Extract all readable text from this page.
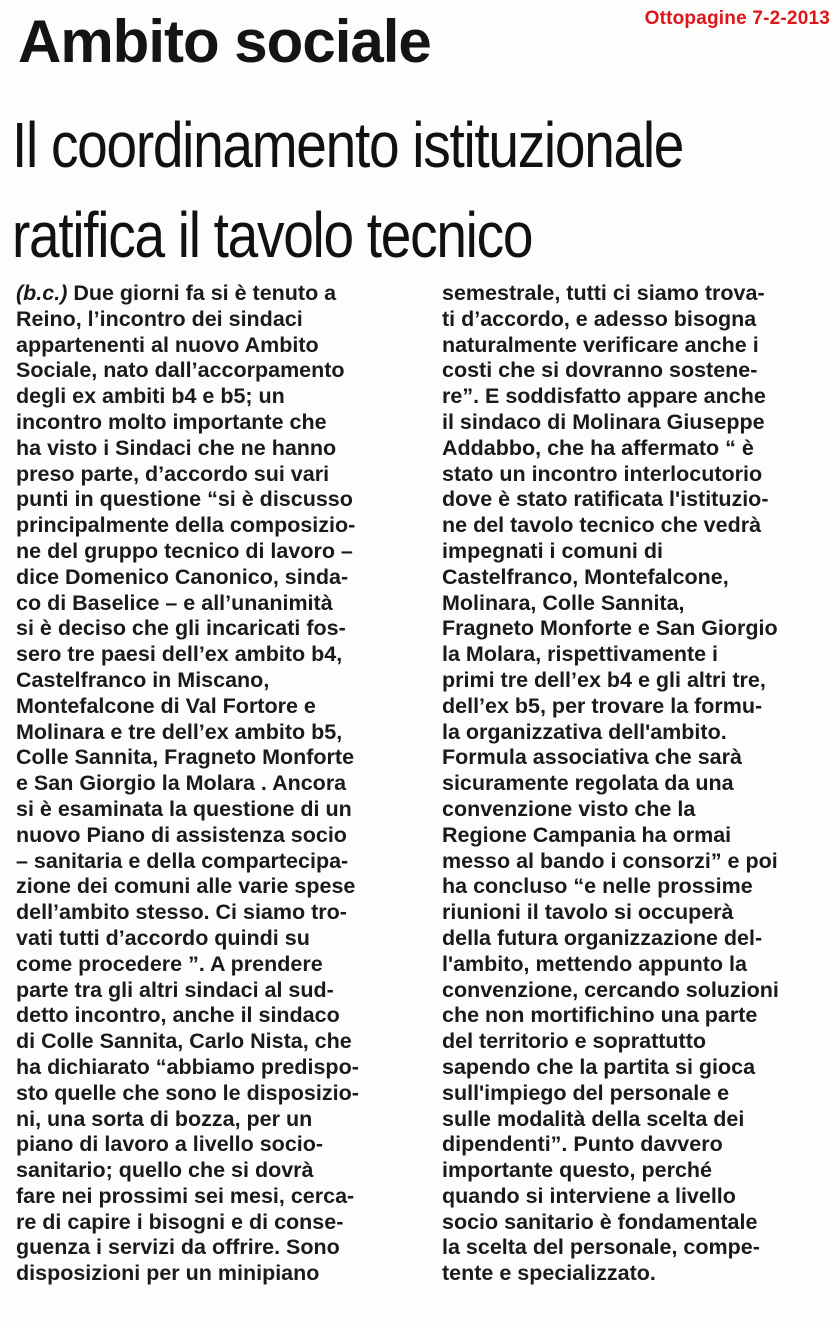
Ottopagine 7-2-2013
Ambito sociale
Il coordinamento istituzionale
ratifica il tavolo tecnico
(b.c.) Due giorni fa si è tenuto a
Reino, l’incontro dei sindaci
appartenenti al nuovo Ambito
Sociale, nato dall’accorpamento
degli ex ambiti b4 e b5; un
incontro molto importante che
ha visto i Sindaci che ne hanno
preso parte, d’accordo sui vari
punti in questione “si è discusso
principalmente della composizio-
ne del gruppo tecnico di lavoro –
dice Domenico Canonico, sinda-
co di Baselice – e all’unanimità
si è deciso che gli incaricati fos-
sero tre paesi dell’ex ambito b4,
Castelfranco in Miscano,
Montefalcone di Val Fortore e
Molinara e tre dell’ex ambito b5,
Colle Sannita, Fragneto Monforte
e San Giorgio la Molara . Ancora
si è esaminata la questione di un
nuovo Piano di assistenza socio
– sanitaria e della compartecipa-
zione dei comuni alle varie spese
dell’ambito stesso. Ci siamo tro-
vati tutti d’accordo quindi su
come procedere ”. A prendere
parte tra gli altri sindaci al sud-
detto incontro, anche il sindaco
di Colle Sannita, Carlo Nista, che
ha dichiarato “abbiamo predispo-
sto quelle che sono le disposizio-
ni, una sorta di bozza, per un
piano di lavoro a livello socio-
sanitario; quello che si dovrà
fare nei prossimi sei mesi, cerca-
re di capire i bisogni e di conse-
guenza i servizi da offrire. Sono
disposizioni per un minipiano
semestrale, tutti ci siamo trova-
ti d’accordo, e adesso bisogna
naturalmente verificare anche i
costi che si dovranno sostene-
re”. E soddisfatto appare anche
il sindaco di Molinara Giuseppe
Addabbo, che ha affermato “ è
stato un incontro interlocutorio
dove è stato ratificata l'istituzio-
ne del tavolo tecnico che vedrà
impegnati i comuni di
Castelfranco, Montefalcone,
Molinara, Colle Sannita,
Fragneto Monforte e San Giorgio
la Molara, rispettivamente i
primi tre dell’ex b4 e gli altri tre,
dell’ex b5, per trovare la formu-
la organizzativa dell'ambito.
Formula associativa che sarà
sicuramente regolata da una
convenzione visto che la
Regione Campania ha ormai
messo al bando i consorzi” e poi
ha concluso “e nelle prossime
riunioni il tavolo si occuperà
della futura organizzazione del-
l'ambito, mettendo appunto la
convenzione, cercando soluzioni
che non mortifichino una parte
del territorio e soprattutto
sapendo che la partita si gioca
sull'impiego del personale e
sulle modalità della scelta dei
dipendenti”. Punto davvero
importante questo, perché
quando si interviene a livello
socio sanitario è fondamentale
la scelta del personale, compe-
tente e specializzato.
